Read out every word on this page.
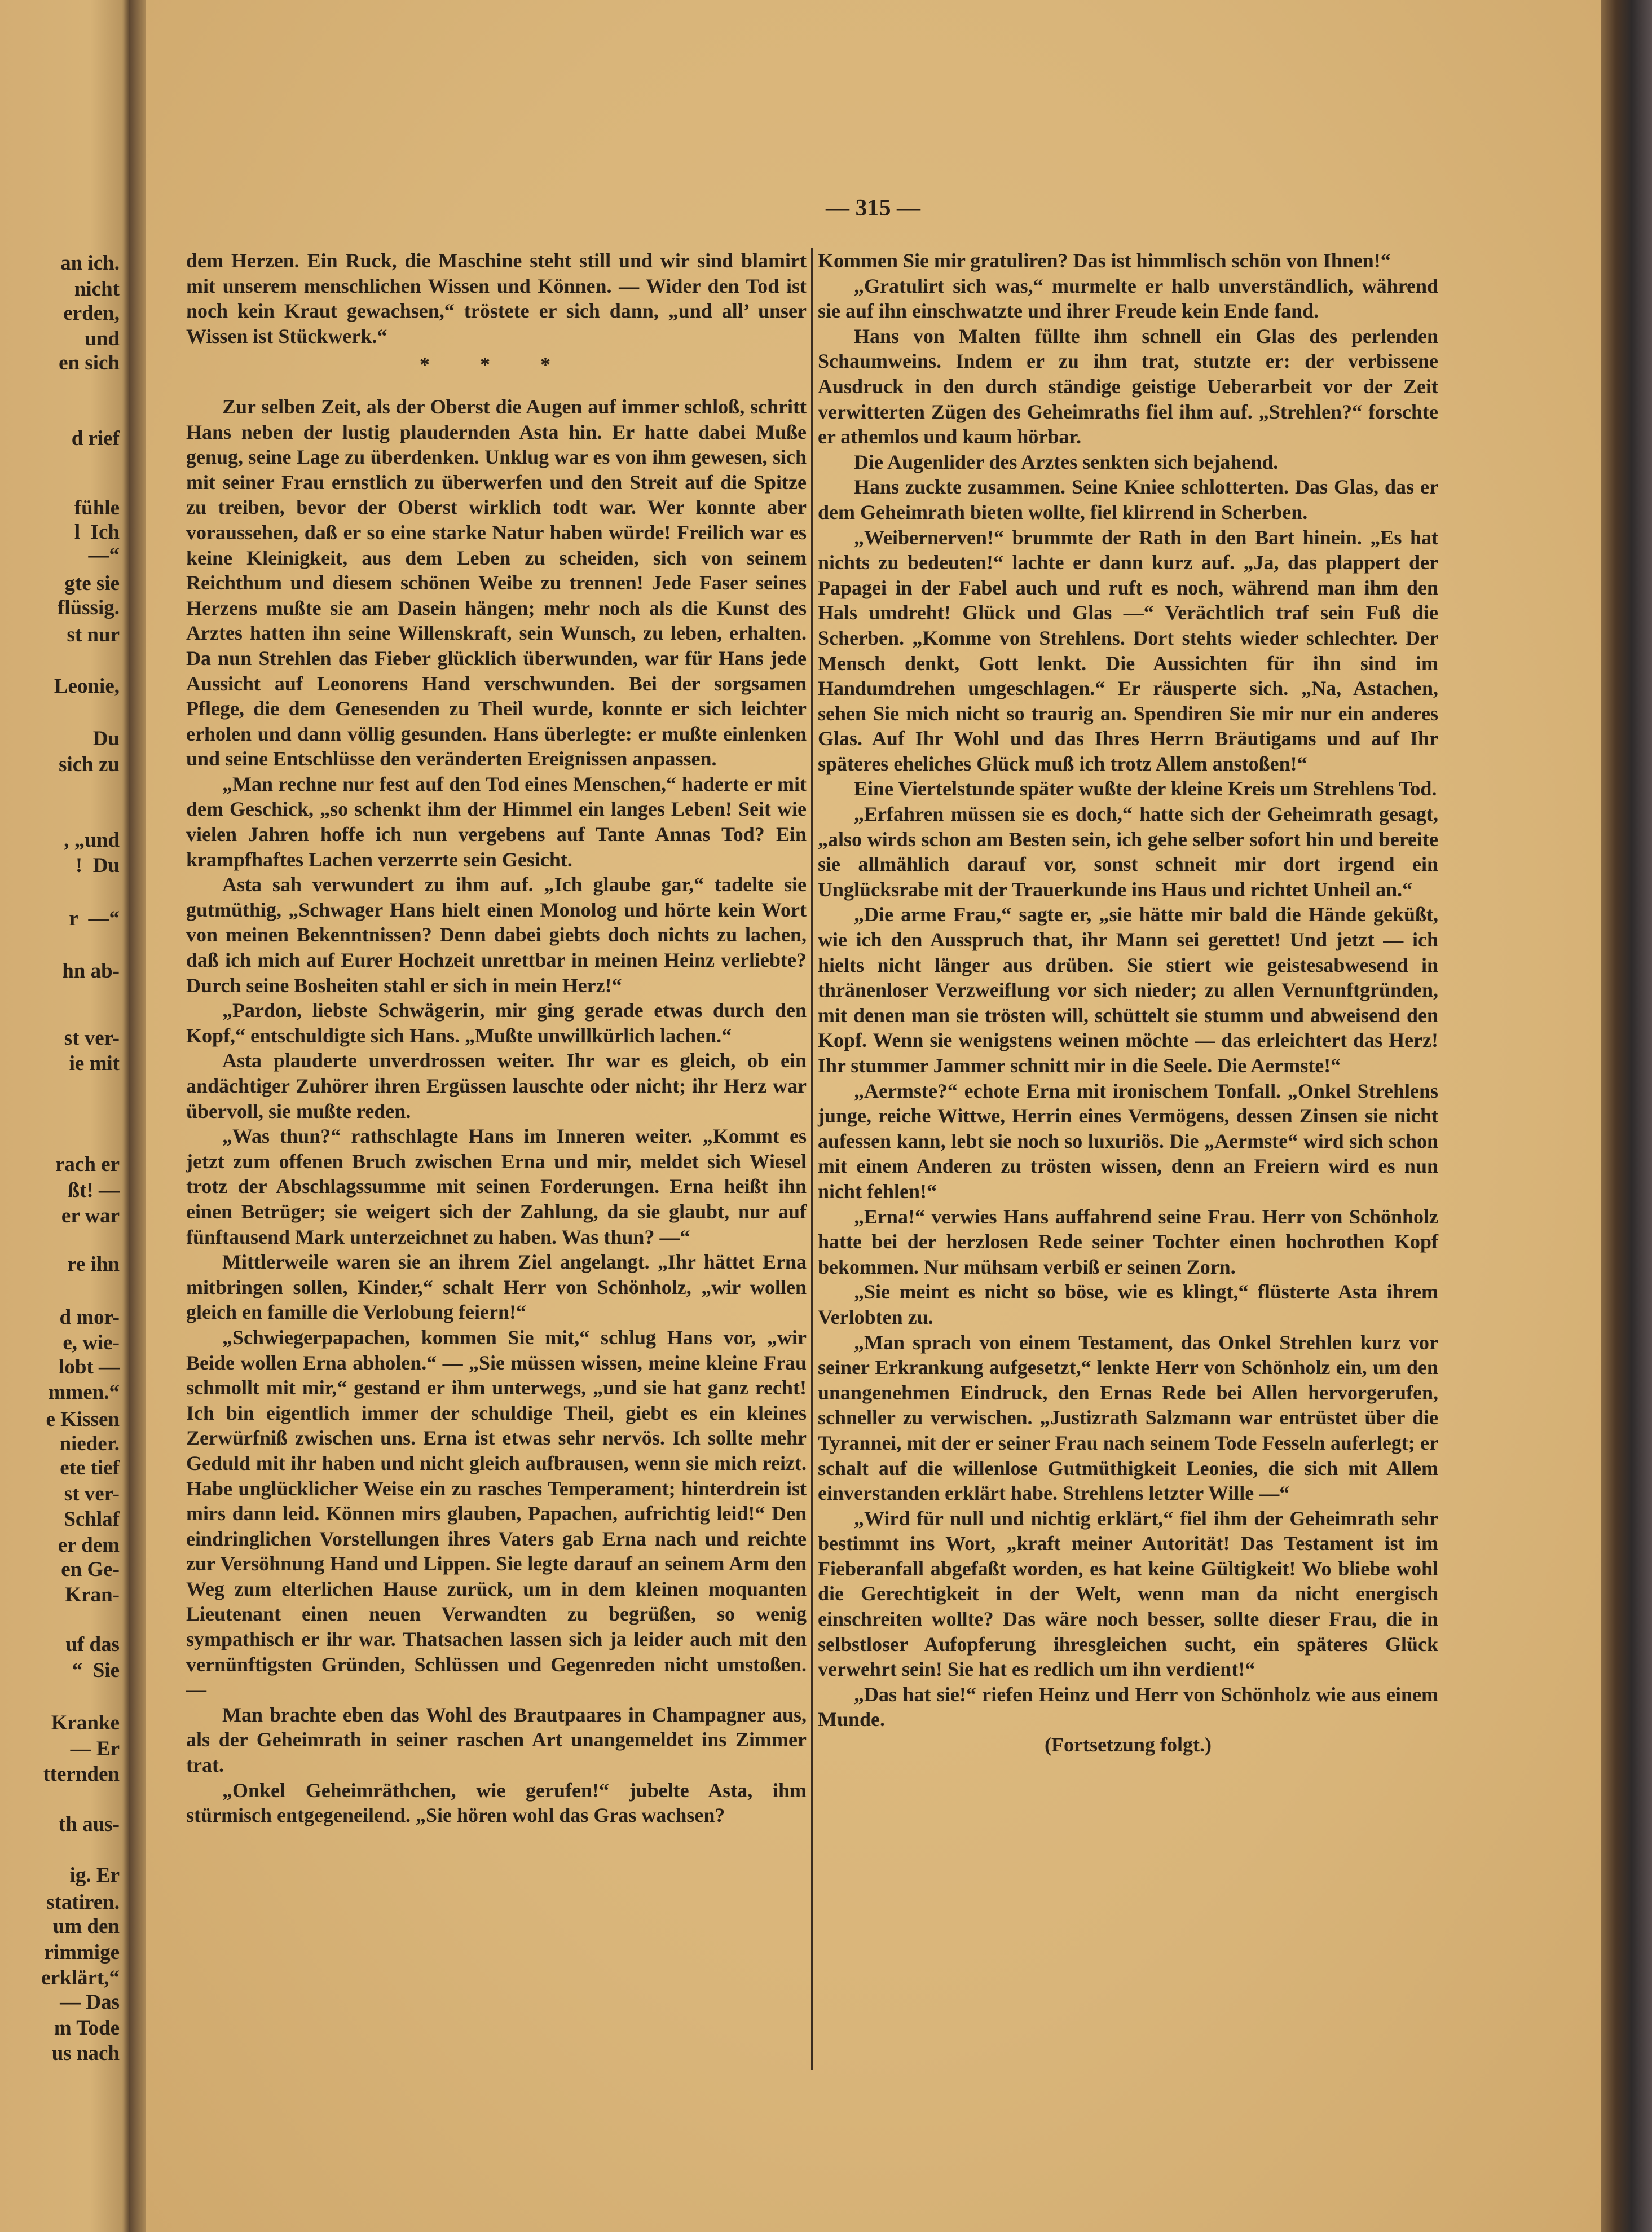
an ich.
nicht
erden,
und
en sich
d rief
fühle
l  Ich
—“
gte sie
flüssig.
st nur
Leonie,
Du
sich zu
, „und
!  Du
r  —“
hn ab-
st ver-
ie mit
rach er
ßt! —
er war
re ihn
d mor-
e, wie-
lobt —
mmen.“
e Kissen
nieder.
ete tief
st ver-
Schlaf
er dem
en Ge-
Kran-
uf das
“  Sie
Kranke
— Er
tternden
th aus-
ig. Er
statiren.
um den
rimmige
erklärt,“
— Das
m Tode
us nach
— 315 —

dem Herzen. Ein Ruck, die Maschine steht still und wir sind blamirt mit unserem menschlichen Wissen und Können. — Wider den Tod ist noch kein Kraut gewachsen,“ tröstete er sich dann, „und all’ unser Wissen ist Stückwerk.“

* * *

Zur selben Zeit, als der Oberst die Augen auf immer schloß, schritt Hans neben der lustig plaudernden Asta hin. Er hatte dabei Muße genug, seine Lage zu überdenken. Unklug war es von ihm gewesen, sich mit seiner Frau ernstlich zu überwerfen und den Streit auf die Spitze zu treiben, bevor der Oberst wirklich todt war. Wer konnte aber voraussehen, daß er so eine starke Natur haben würde! Freilich war es keine Kleinigkeit, aus dem Leben zu scheiden, sich von seinem Reichthum und diesem schönen Weibe zu trennen! Jede Faser seines Herzens mußte sie am Dasein hängen; mehr noch als die Kunst des Arztes hatten ihn seine Willenskraft, sein Wunsch, zu leben, erhalten. Da nun Strehlen das Fieber glücklich überwunden, war für Hans jede Aussicht auf Leonorens Hand verschwunden. Bei der sorgsamen Pflege, die dem Genesenden zu Theil wurde, konnte er sich leichter erholen und dann völlig gesunden. Hans überlegte: er mußte einlenken und seine Entschlüsse den veränderten Ereignissen anpassen.

„Man rechne nur fest auf den Tod eines Menschen,“ haderte er mit dem Geschick, „so schenkt ihm der Himmel ein langes Leben! Seit wie vielen Jahren hoffe ich nun vergebens auf Tante Annas Tod? Ein krampfhaftes Lachen verzerrte sein Gesicht.

Asta sah verwundert zu ihm auf. „Ich glaube gar,“ tadelte sie gutmüthig, „Schwager Hans hielt einen Monolog und hörte kein Wort von meinen Bekenntnissen? Denn dabei giebts doch nichts zu lachen, daß ich mich auf Eurer Hochzeit unrettbar in meinen Heinz verliebte? Durch seine Bosheiten stahl er sich in mein Herz!“

„Pardon, liebste Schwägerin, mir ging gerade etwas durch den Kopf,“ entschuldigte sich Hans. „Mußte unwillkürlich lachen.“

Asta plauderte unverdrossen weiter. Ihr war es gleich, ob ein andächtiger Zuhörer ihren Ergüssen lauschte oder nicht; ihr Herz war übervoll, sie mußte reden.

„Was thun?“ rathschlagte Hans im Inneren weiter. „Kommt es jetzt zum offenen Bruch zwischen Erna und mir, meldet sich Wiesel trotz der Abschlagssumme mit seinen Forderungen. Erna heißt ihn einen Betrüger; sie weigert sich der Zahlung, da sie glaubt, nur auf fünftausend Mark unterzeichnet zu haben. Was thun? —“

Mittlerweile waren sie an ihrem Ziel angelangt. „Ihr hättet Erna mitbringen sollen, Kinder,“ schalt Herr von Schönholz, „wir wollen gleich en famille die Verlobung feiern!“

„Schwiegerpapachen, kommen Sie mit,“ schlug Hans vor, „wir Beide wollen Erna abholen.“ — „Sie müssen wissen, meine kleine Frau schmollt mit mir,“ gestand er ihm unterwegs, „und sie hat ganz recht! Ich bin eigentlich immer der schuldige Theil, giebt es ein kleines Zerwürfniß zwischen uns. Erna ist etwas sehr nervös. Ich sollte mehr Geduld mit ihr haben und nicht gleich aufbrausen, wenn sie mich reizt. Habe unglücklicher Weise ein zu rasches Temperament; hinterdrein ist mirs dann leid. Können mirs glauben, Papachen, aufrichtig leid!“ Den eindringlichen Vorstellungen ihres Vaters gab Erna nach und reichte zur Versöhnung Hand und Lippen. Sie legte darauf an seinem Arm den Weg zum elterlichen Hause zurück, um in dem kleinen moquanten Lieutenant einen neuen Verwandten zu begrüßen, so wenig sympathisch er ihr war. Thatsachen lassen sich ja leider auch mit den vernünftigsten Gründen, Schlüssen und Gegenreden nicht umstoßen. —

Man brachte eben das Wohl des Brautpaares in Champagner aus, als der Geheimrath in seiner raschen Art unangemeldet ins Zimmer trat.

„Onkel Geheimräthchen, wie gerufen!“ jubelte Asta, ihm stürmisch entgegeneilend. „Sie hören wohl das Gras wachsen?

Kommen Sie mir gratuliren? Das ist himmlisch schön von Ihnen!“

„Gratulirt sich was,“ murmelte er halb unverständlich, während sie auf ihn einschwatzte und ihrer Freude kein Ende fand.

Hans von Malten füllte ihm schnell ein Glas des perlenden Schaumweins. Indem er zu ihm trat, stutzte er: der verbissene Ausdruck in den durch ständige geistige Ueberarbeit vor der Zeit verwitterten Zügen des Geheimraths fiel ihm auf. „Strehlen?“ forschte er athemlos und kaum hörbar.

Die Augenlider des Arztes senkten sich bejahend.

Hans zuckte zusammen. Seine Kniee schlotterten. Das Glas, das er dem Geheimrath bieten wollte, fiel klirrend in Scherben.

„Weibernerven!“ brummte der Rath in den Bart hinein. „Es hat nichts zu bedeuten!“ lachte er dann kurz auf. „Ja, das plappert der Papagei in der Fabel auch und ruft es noch, während man ihm den Hals umdreht! Glück und Glas —“ Verächtlich traf sein Fuß die Scherben. „Komme von Strehlens. Dort stehts wieder schlechter. Der Mensch denkt, Gott lenkt. Die Aussichten für ihn sind im Handumdrehen umgeschlagen.“ Er räusperte sich. „Na, Astachen, sehen Sie mich nicht so traurig an. Spendiren Sie mir nur ein anderes Glas. Auf Ihr Wohl und das Ihres Herrn Bräutigams und auf Ihr späteres eheliches Glück muß ich trotz Allem anstoßen!“

Eine Viertelstunde später wußte der kleine Kreis um Strehlens Tod.

„Erfahren müssen sie es doch,“ hatte sich der Geheimrath gesagt, „also wirds schon am Besten sein, ich gehe selber sofort hin und bereite sie allmählich darauf vor, sonst schneit mir dort irgend ein Unglücksrabe mit der Trauerkunde ins Haus und richtet Unheil an.“

„Die arme Frau,“ sagte er, „sie hätte mir bald die Hände geküßt, wie ich den Ausspruch that, ihr Mann sei gerettet! Und jetzt — ich hielts nicht länger aus drüben. Sie stiert wie geistesabwesend in thränenloser Verzweiflung vor sich nieder; zu allen Vernunftgründen, mit denen man sie trösten will, schüttelt sie stumm und abweisend den Kopf. Wenn sie wenigstens weinen möchte — das erleichtert das Herz! Ihr stummer Jammer schnitt mir in die Seele. Die Aermste!“

„Aermste?“ echote Erna mit ironischem Tonfall. „Onkel Strehlens junge, reiche Wittwe, Herrin eines Vermögens, dessen Zinsen sie nicht aufessen kann, lebt sie noch so luxuriös. Die „Aermste“ wird sich schon mit einem Anderen zu trösten wissen, denn an Freiern wird es nun nicht fehlen!“

„Erna!“ verwies Hans auffahrend seine Frau. Herr von Schönholz hatte bei der herzlosen Rede seiner Tochter einen hochrothen Kopf bekommen. Nur mühsam verbiß er seinen Zorn.

„Sie meint es nicht so böse, wie es klingt,“ flüsterte Asta ihrem Verlobten zu.

„Man sprach von einem Testament, das Onkel Strehlen kurz vor seiner Erkrankung aufgesetzt,“ lenkte Herr von Schönholz ein, um den unangenehmen Eindruck, den Ernas Rede bei Allen hervorgerufen, schneller zu verwischen. „Justizrath Salzmann war entrüstet über die Tyrannei, mit der er seiner Frau nach seinem Tode Fesseln auferlegt; er schalt auf die willenlose Gutmüthigkeit Leonies, die sich mit Allem einverstanden erklärt habe. Strehlens letzter Wille —“

„Wird für null und nichtig erklärt,“ fiel ihm der Geheimrath sehr bestimmt ins Wort, „kraft meiner Autorität! Das Testament ist im Fieberanfall abgefaßt worden, es hat keine Gültigkeit! Wo bliebe wohl die Gerechtigkeit in der Welt, wenn man da nicht energisch einschreiten wollte? Das wäre noch besser, sollte dieser Frau, die in selbstloser Aufopferung ihresgleichen sucht, ein späteres Glück verwehrt sein! Sie hat es redlich um ihn verdient!“

„Das hat sie!“ riefen Heinz und Herr von Schönholz wie aus einem Munde.

(Fortsetzung folgt.)
